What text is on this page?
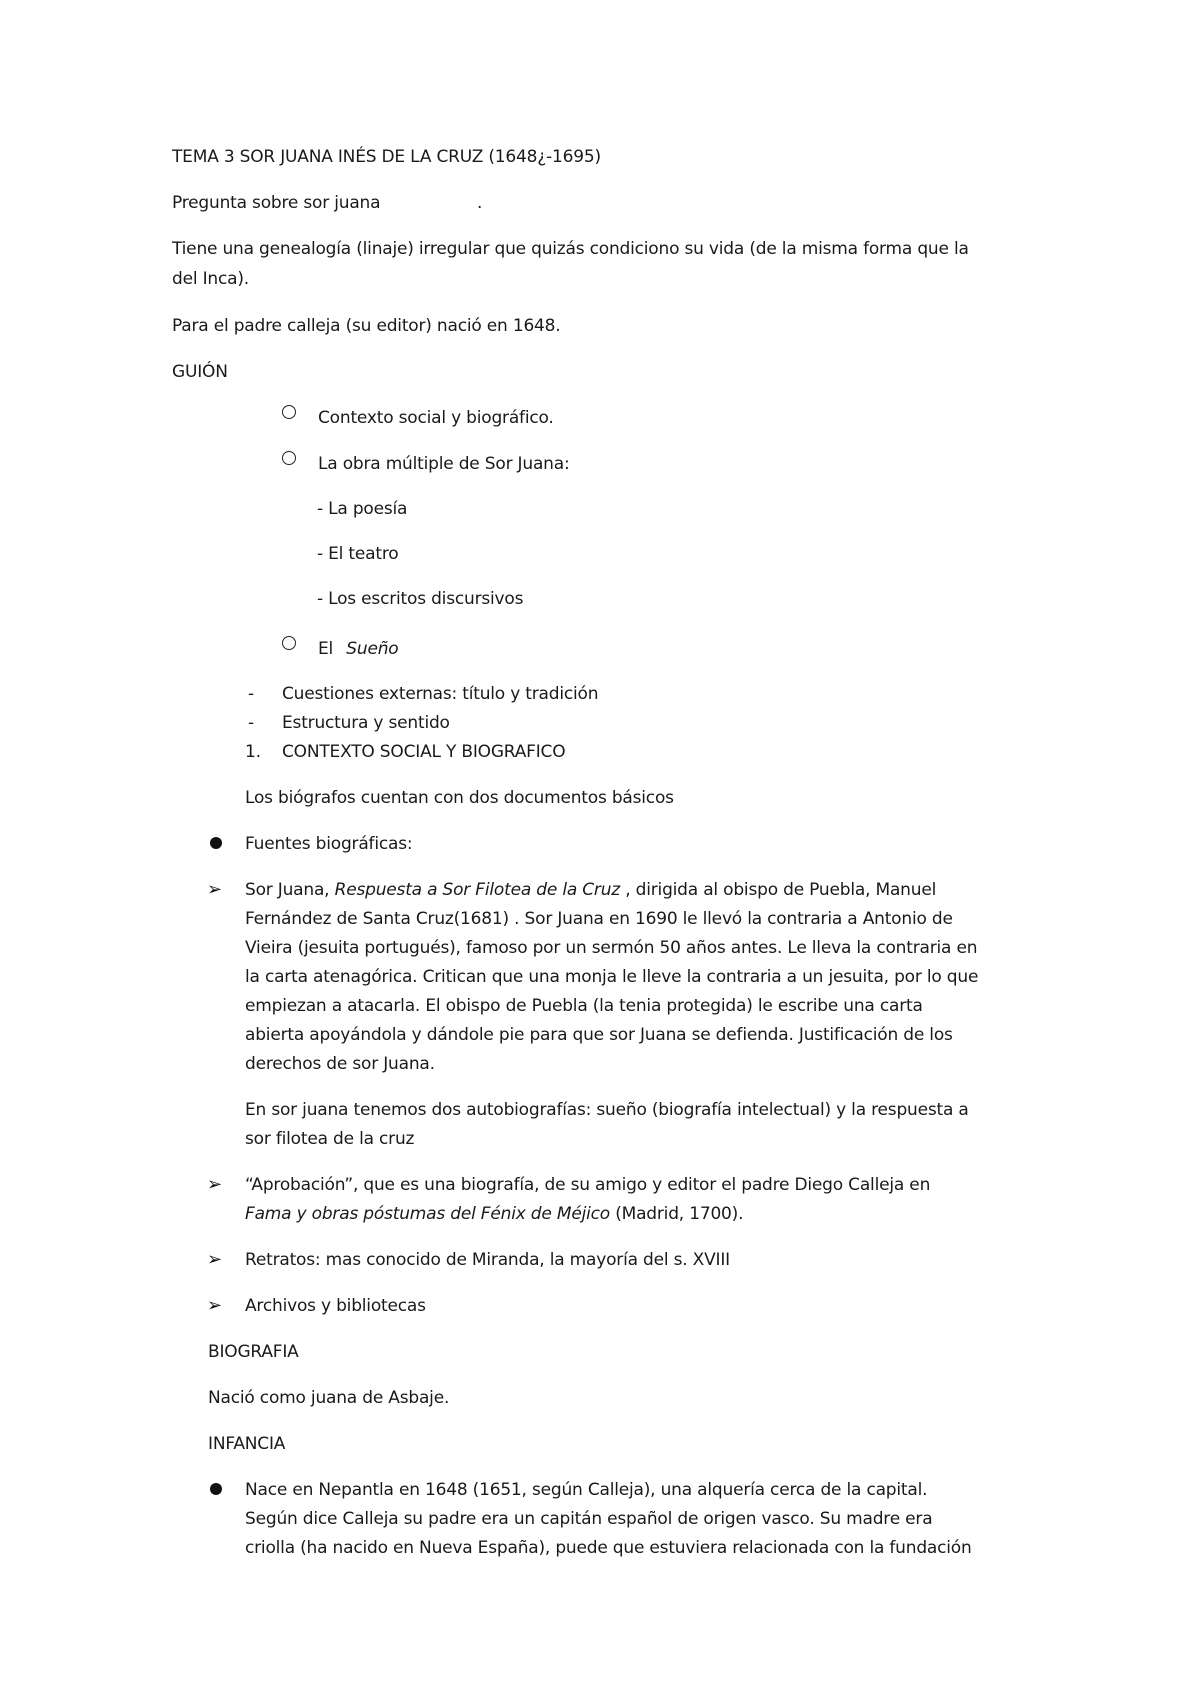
TEMA 3 SOR JUANA INÉS DE LA CRUZ (1648¿-1695)
Pregunta sobre sor juana	.
Tiene una genealogía (linaje) irregular que quizás condiciono su vida (de la misma forma que la
del Inca).
Para el padre calleja (su editor) nació en 1648.
GUIÓN
Contexto social y biográfico.
La obra múltiple de Sor Juana:
- La poesía
- El teatro
- Los escritos discursivos
El Sueño
- Cuestiones externas: título y tradición
- Estructura y sentido
1. CONTEXTO SOCIAL Y BIOGRAFICO
Los biógrafos cuentan con dos documentos básicos
Fuentes biográficas:
➢ Sor Juana, Respuesta a Sor Filotea de la Cruz , dirigida al obispo de Puebla, Manuel
Fernández de Santa Cruz(1681) . Sor Juana en 1690 le llevó la contraria a Antonio de
Vieira (jesuita portugués), famoso por un sermón 50 años antes. Le lleva la contraria en
la carta atenagórica. Critican que una monja le lleve la contraria a un jesuita, por lo que
empiezan a atacarla. El obispo de Puebla (la tenia protegida) le escribe una carta
abierta apoyándola y dándole pie para que sor Juana se defienda. Justificación de los
derechos de sor Juana.
En sor juana tenemos dos autobiografías: sueño (biografía intelectual) y la respuesta a
sor filotea de la cruz
➢ “Aprobación”, que es una biografía, de su amigo y editor el padre Diego Calleja en
Fama y obras póstumas del Fénix de Méjico (Madrid, 1700).
➢ Retratos: mas conocido de Miranda, la mayoría del s. XVIII
➢ Archivos y bibliotecas
BIOGRAFIA
Nació como juana de Asbaje.
INFANCIA
Nace en Nepantla en 1648 (1651, según Calleja), una alquería cerca de la capital.
Según dice Calleja su padre era un capitán español de origen vasco. Su madre era
criolla (ha nacido en Nueva España), puede que estuviera relacionada con la fundación
